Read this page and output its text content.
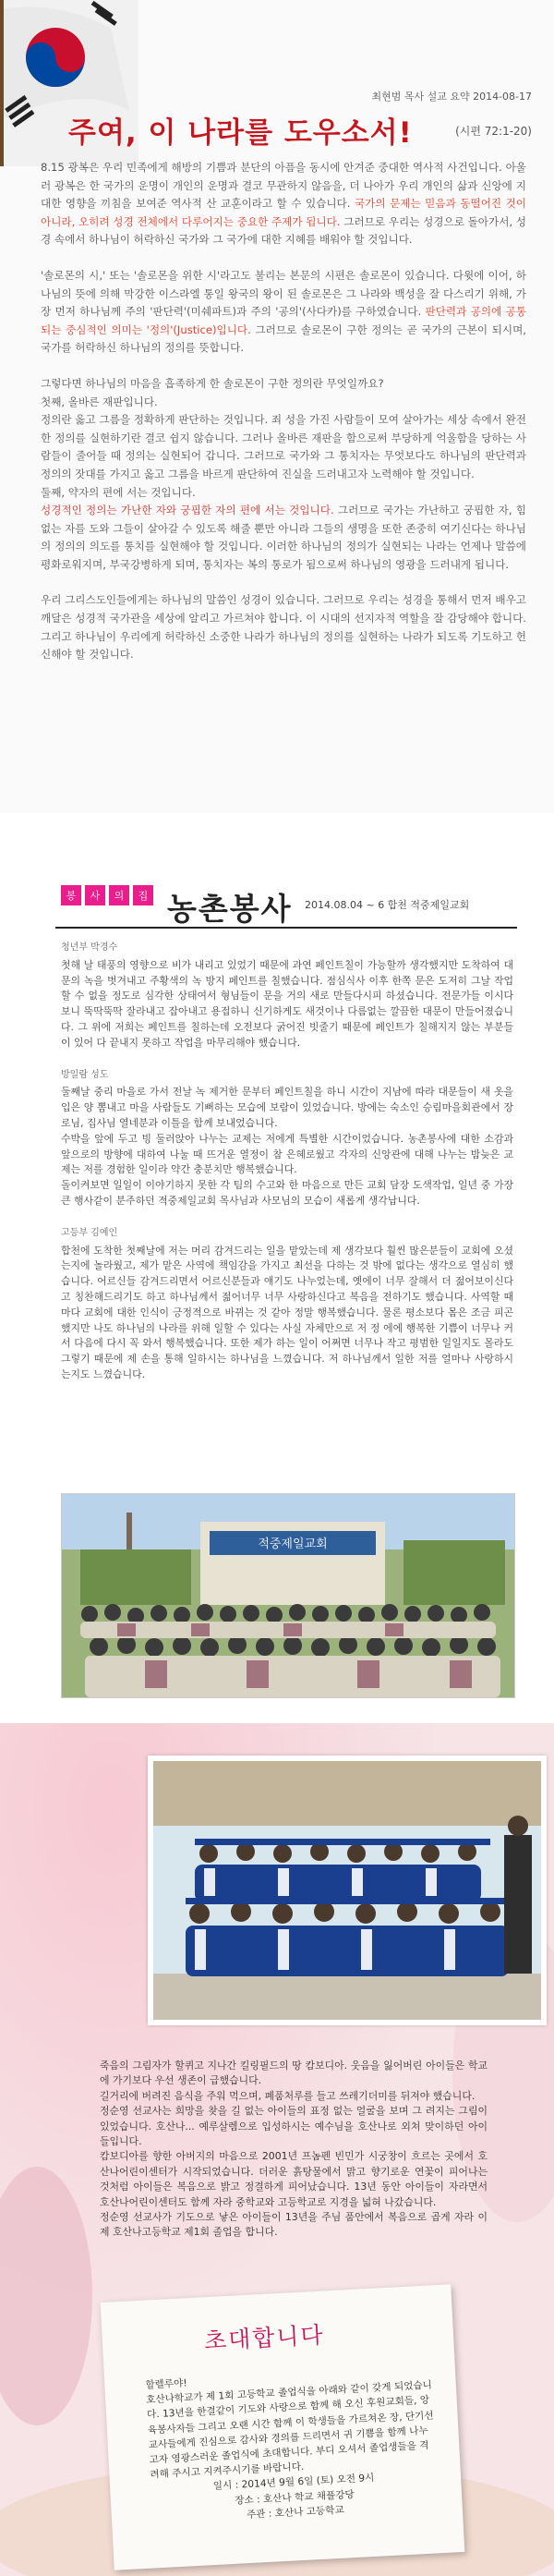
최현범 목사 설교 요약 2014-08-17
주여, 이 나라를 도우소서!	(시편 72:1-20)

8.15 광복은 우리 민족에게 해방의 기쁨과 분단의 아픔을 동시에 안겨준 중대한 역사적 사건입니다. 아울러 광복은 한 국가의 운명이 개인의 운명과 결코 무관하지 않음을, 더 나아가 우리 개인의 삶과 신앙에 지대한 영향을 끼침을 보여준 역사적 산 교훈이라고 할 수 있습니다. 국가의 문제는 믿음과 동떨어진 것이 아니라, 오히려 성경 전체에서 다루어지는 중요한 주제가 됩니다. 그러므로 우리는 성경으로 돌아가서, 성경 속에서 하나님이 허락하신 국가와 그 국가에 대한 지혜를 배워야 할 것입니다.

'솔로몬의 시,' 또는 '솔로몬을 위한 시'라고도 불리는 본문의 시편은 솔로몬이 있습니다. 다윗에 이어, 하나님의 뜻에 의해 막강한 이스라엘 통일 왕국의 왕이 된 솔로몬은 그 나라와 백성을 잘 다스리기 위해, 가장 먼저 하나님께 주의 '판단력'(미쉐파트)과 주의 '공의'(사다카)를 구하였습니다. 판단력과 공의에 공통되는 중심적인 의미는 '정의'(Justice)입니다. 그러므로 솔로몬이 구한 정의는 곧 국가의 근본이 되시며, 국가를 허락하신 하나님의 정의를 뜻합니다.

그렇다면 하나님의 마음을 흡족하게 한 솔로몬이 구한 정의란 무엇일까요?
첫째, 올바른 재판입니다.
정의란 옳고 그름을 정확하게 판단하는 것입니다. 죄 성을 가진 사람들이 모여 살아가는 세상 속에서 완전한 정의를 실현하기란 결코 쉽지 않습니다. 그러나 올바른 재판을 함으로써 부당하게 억울함을 당하는 사람들이 줄어들 때 정의는 실현되어 갑니다. 그러므로 국가와 그 통치자는 무엇보다도 하나님의 판단력과 정의의 잣대를 가지고 옳고 그름을 바르게 판단하여 진실을 드러내고자 노력해야 할 것입니다.
둘째, 약자의 편에 서는 것입니다.

성경적인 정의는 가난한 자와 궁핍한 자의 편에 서는 것입니다. 그러므로 국가는 가난하고 궁핍한 자, 힘없는 자를 도와 그들이 살아갈 수 있도록 해줄 뿐만 아니라 그들의 생명을 또한 존중히 여기신다는 하나님의 정의의 의도를 통치를 실현해야 할 것입니다. 이러한 하나님의 정의가 실현되는 나라는 언제나 말씀에 평화로워지며, 부국강병하게 되며, 통치자는 복의 통로가 됨으로써 하나님의 영광을 드러내게 됩니다.

우리 그리스도인들에게는 하나님의 말씀인 성경이 있습니다. 그러므로 우리는 성경을 통해서 먼저 배우고 깨달은 성경적 국가관을 세상에 알리고 가르쳐야 합니다. 이 시대의 선지자적 역할을 잘 감당해야 합니다. 그리고 하나님이 우리에게 허락하신 소중한 나라가 하나님의 정의를 실현하는 나라가 되도록 기도하고 헌신해야 할 것입니다.

봉	사	의	집 농촌봉사 2014.08.04 ~ 6 합천 적중제일교회
청년부 박경수

첫해 날 태풍의 영향으로 비가 내리고 있었기 때문에 과연 페인트칠이 가능할까 생각했지만 도착하여 대문의 녹을 벗겨내고 주황색의 녹 방지 페인트를 칠했습니다. 점심식사 이후 한쪽 문은 도저히 그날 작업 할 수 없을 정도로 심각한 상태여서 형님들이 문을 거의 새로 만들다시피 하셨습니다. 전문가들 이시다보니 뚝딱뚝딱 잘라내고 잡아내고 용접하니 신기하게도 새것이나 다름없는 깔끔한 대문이 만들어졌습니다. 그 위에 저희는 페인트를 칠하는데 오전보다 굵어진 빗줄기 때문에 페인트가 칠해지지 않는 부분들이 있어 다 끝내지 못하고 작업을 마무리해야 했습니다.

방일람 성도

둘째날 중리 마을로 가서 전날 녹 제거한 문부터 페인트칠을 하니 시간이 지남에 따라 대문들이 새 옷을 입은 양 뽐내고 마을 사람들도 기뻐하는 모습에 보람이 있었습니다. 방에는 숙소인 승림마을회관에서 장로님, 집사님 열네분과 이틀을 함께 보내었습니다.
수박을 앞에 두고 빙 둘러앉아 나누는 교제는 저에게 특별한 시간이었습니다. 농촌봉사에 대한 소감과 앞으로의 방향에 대하여 나눌 때 뜨거운 열정이 참 은혜로웠고 각자의 신앙관에 대해 나누는 밤늦은 교제는 저를 경험한 일이라 약간 충분치만 행복했습니다.
돌이켜보면 일일이 이야기하지 못한 각 팀의 수고와 한 마음으로 만든 교회 담장 도색작업, 일년 중 가장 큰 행사같이 분주하던 적중제일교회 목사님과 사모님의 모습이 새롭게 생각납니다.

고등부 김예인

합천에 도착한 첫째날에 저는 머리 감겨드리는 일을 맡았는데 제 생각보다 훨씬 많은분들이 교회에 오셨는지에 놀라웠고, 제가 맡은 사역에 책임감을 가지고 최선을 다하는 것 밖에 없다는 생각으로 열심히 했습니다. 어르신들 감겨드리면서 어르신분들과 얘기도 나누었는데, 옛에이 너무 잘해서 더 젊어보이신다고 칭찬해드리기도 하고 하나님께서 젊어너무 너무 사랑하신다고 복음을 전하기도 했습니다. 사역할 때마다 교회에 대한 인식이 긍정적으로 바뀌는 것 같아 정말 행복했습니다. 물론 평소보다 몸은 조금 피곤했지만 나도 하나님의 나라를 위해 일할 수 있다는 사실 자체만으로 저 정 에에 행복한 기쁨이 너무나 커서 다음에 다시 꼭 와서 행복했습니다. 또한 제가 하는 일이 어쩌면 너무나 작고 평범한 일일지도 몰라도 그렇기 때문에 제 손을 통해 일하시는 하나님을 느꼈습니다. 저 하나님께서 일한 저를 얼마나 사랑하시는지도 느꼈습니다.

적중제일교회

죽음의 그림자가 할퀴고 지나간 킬링필드의 땅 캄보디아. 웃음을 잃어버린 아이들은 학교에 가기보다 우선 생존이 급했습니다.
길거리에 버려진 음식을 주워 먹으며, 폐품처루를 들고 쓰레기더미를 뒤져야 했습니다.
정순영 선교사는 희망을 찾을 길 없는 아이들의 표정 없는 얼굴을 보며 그 려지는 그림이 있었습니다. 호산나... 예루살렘으로 입성하시는 예수님을 호산나로 외쳐 맞이하던 아이들입니다.
캄보디아를 향한 아버지의 마음으로 2001년 프놈펜 빈민가 시궁창이 흐르는 곳에서 호산나어린이센터가 시작되었습니다. 더러운 흙탕물에서 맑고 향기로운 연꽃이 피어나는 것처럼 아이들은 복음으로 밝고 정결하게 피어났습니다. 13년 동안 아이들이 자라면서 호산나어린이센터도 함께 자라 중학교와 고등학교로 지경을 넓혀 나갔습니다.
정순영 선교사가 기도으로 낳은 아이들이 13년을 주님 품안에서 복음으로 곱게 자라 이제 호산나고등학교 제1회 졸업을 합니다.

초대합니다

할렐루야!
호산나학교가 제 1회 고등학교 졸업식을 아래와 같이 갖게 되었습니다. 13년을 한결같이 기도와 사랑으로 함께 해 오신 후원교회들, 앙육봉사자들 그리고 오랜 시간 함께 이 학생들을 가르쳐온 장, 단기선교사들에게 진심으로 감사와 경의를 드리면서 귀 기쁨을 함께 나누고자 영광스러운 졸업식에 초대합니다. 부디 오셔서 졸업생들을 격려해 주시고 지켜주시기를 바랍니다.

일시 : 2014년 9월 6일 (토) 오전 9시
장소 : 호산나 학교 채플강당
주관 : 호산나 고등학교
